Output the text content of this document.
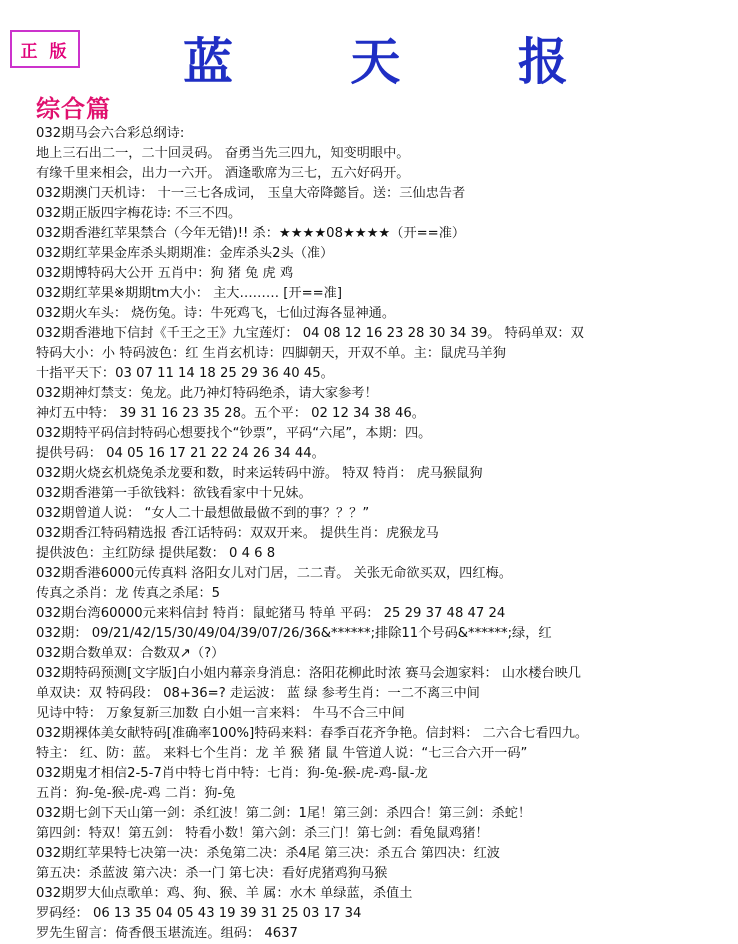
正 版 蓝 天 报
综合篇
032期马会六合彩总纲诗:
地上三石出二一，二十回灵码。 奋勇当先三四九，知变明眼中。
有缘千里来相会，出力一六开。 酒逢歌席为三七，五六好码开。
032期澳门天机诗： 十一三七各成词， 玉皇大帝降懿旨。送：三仙忠告者
032期正版四字梅花诗: 不三不四。
032期香港红苹果禁合（今年无错)!! 杀：★★★★08★★★★（开==准）
032期红苹果金库杀头期期准：金库杀头2头（准）
032期博特码大公开 五肖中：狗 猪 兔 虎 鸡
032期红苹果※期期tm大小： 主大……… [开==准]
032期火车头： 烧伤兔。诗：牛死鸡飞，七仙过海各显神通。
032期香港地下信封《千王之王》九宝莲灯： 04 08 12 16 23 28 30 34 39。 特码单双：双
特码大小：小 特码波色：红 生肖玄机诗：四脚朝天，开双不单。主：鼠虎马羊狗
十指平天下：03 07 11 14 18 25 29 36 40 45。
032期神灯禁支：兔龙。此乃神灯特码绝杀，请大家参考！
神灯五中特： 39 31 16 23 35 28。五个平： 02 12 34 38 46。
032期特平码信封特码心想要找个“钞票”，平码“六尾”，本期：四。
提供号码： 04 05 16 17 21 22 24 26 34 44。
032期火烧玄机烧兔杀龙要和数，时来运转码中游。 特双 特肖： 虎马猴鼠狗
032期香港第一手欲钱料：欲钱看家中十兄妹。
032期曾道人说： “女人二十最想做最做不到的事？？？”
032期香江特码精选报 香江话特码：双双开来。 提供生肖：虎猴龙马
提供波色：主红防绿 提供尾数： 0 4 6 8
032期香港6000元传真料 洛阳女儿对门居，二二青。 关张无命欲买双，四红梅。
传真之杀肖：龙 传真之杀尾：5
032期台湾60000元来料信封 特肖：鼠蛇猪马 特单 平码： 25 29 37 48 47 24
032期： 09/21/42/15/30/49/04/39/07/26/36&******;排除11个号码&******;绿，红
032期合数单双：合数双↗（?）
032期特码预测[文字版]白小姐内幕亲身消息：洛阳花柳此时浓 赛马会迦家料： 山水楼台映几
单双诀：双 特码段： 08+36=? 走运波： 蓝 绿 参考生肖：一二不离三中间
见诗中特： 万象复新三加数 白小姐一言来料： 牛马不合三中间
032期裸体美女献特码[准确率100%]特码来料：春季百花齐争艳。信封料： 二六合七看四九。
特主： 红、防：蓝。 来料七个生肖：龙 羊 猴 猪 鼠 牛管道人说：“七三合六开一码”
032期鬼才相信2-5-7肖中特七肖中特：七肖：狗-兔-猴-虎-鸡-鼠-龙
五肖：狗-兔-猴-虎-鸡 二肖：狗-兔
032期七剑下天山第一剑：杀红波！第二剑：1尾！第三剑：杀四合！第三剑：杀蛇！
第四剑：特双！第五剑： 特看小数！第六剑：杀三门！第七剑：看兔鼠鸡猪！
032期红苹果特七决第一决：杀兔第二决：杀4尾 第三决：杀五合 第四决：红波
第五决：杀蓝波 第六决：杀一门 第七决：看好虎猪鸡狗马猴
032期罗大仙点歌单：鸡、狗、猴、羊 属：水木 单绿蓝，杀值土
罗码经： 06 13 35 04 05 43 19 39 31 25 03 17 34
罗先生留言：倚香偎玉堪流连。组码： 4637
